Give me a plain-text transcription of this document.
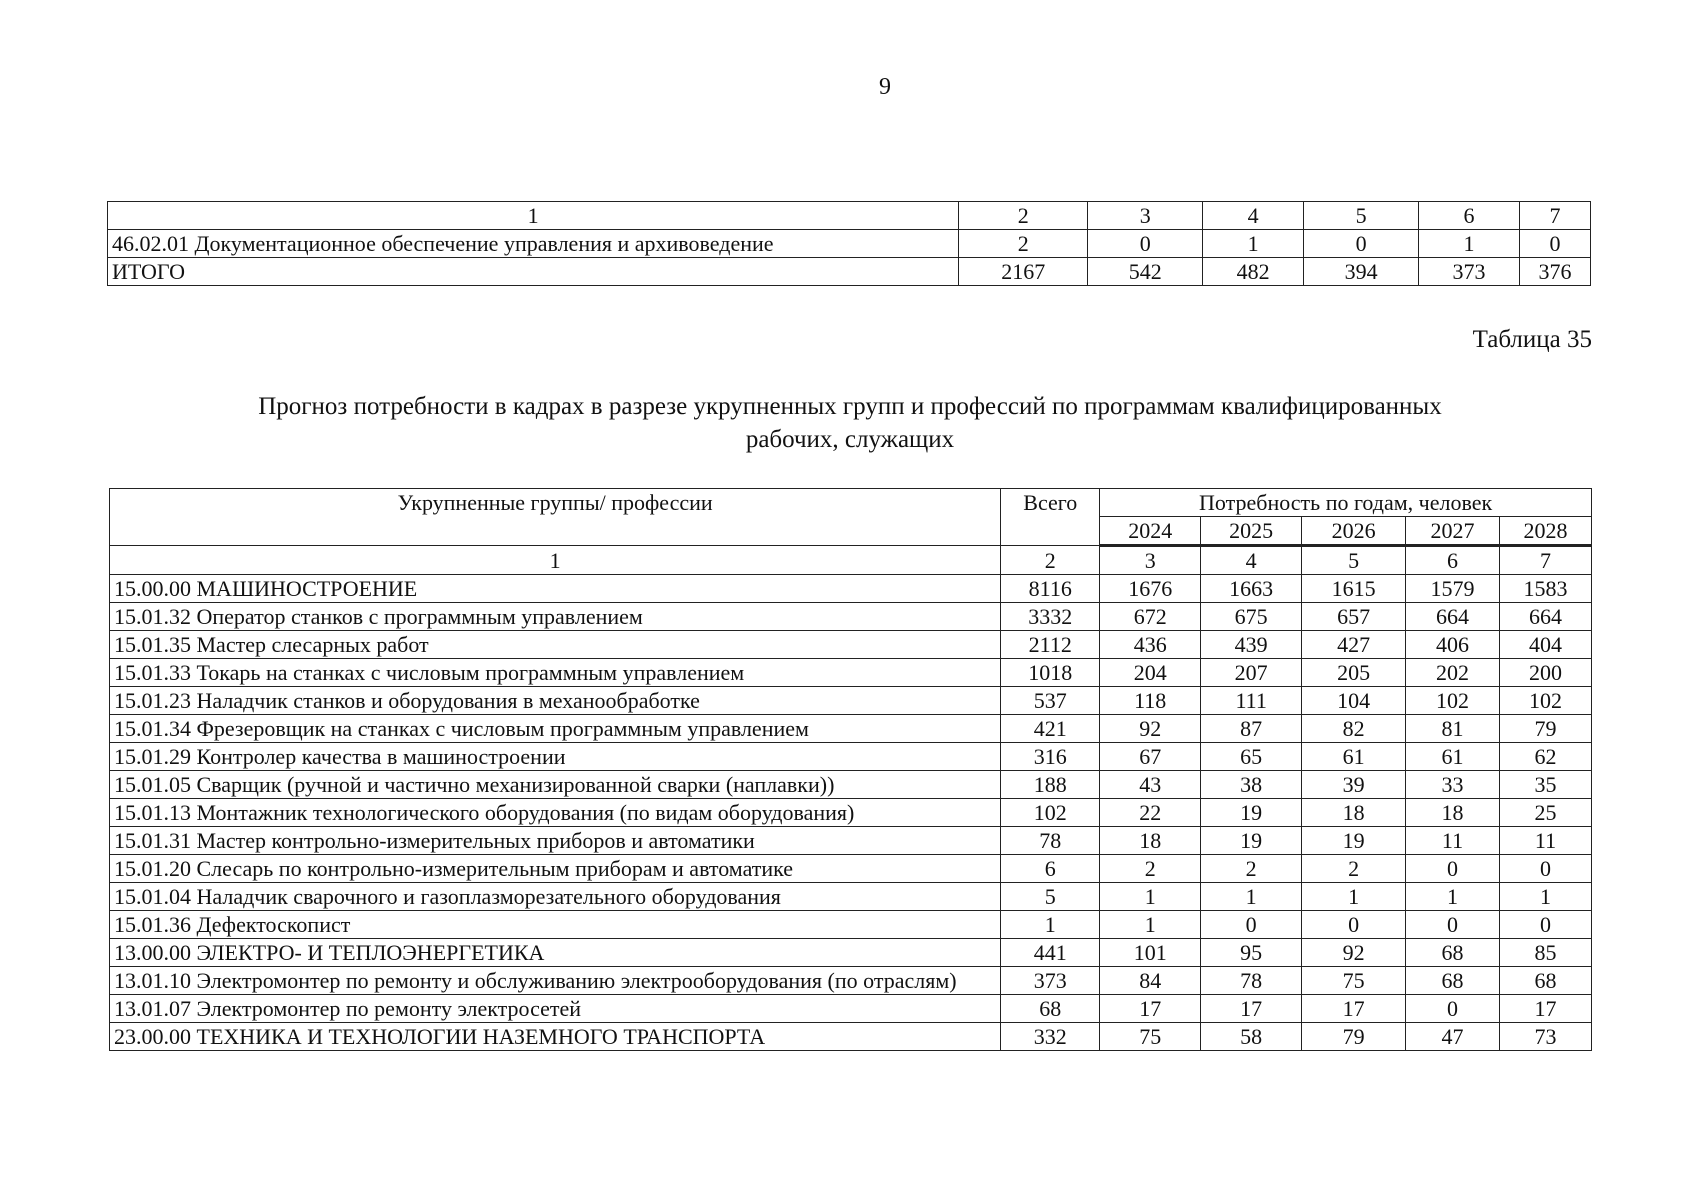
9
1	2	3	4	5	6	7
46.02.01 Документационное обеспечение управления и архивоведение	2	0	1	0	1	0
ИТОГО	2167	542	482	394	373	376
Таблица 35
Прогноз потребности в кадрах в разрезе укрупненных групп и профессий по программам квалифицированных
рабочих, служащих
Укрупненные группы/ профессии	Всего	Потребность по годам, человек				
		2024	2025	2026	2027	2028
1	2	3	4	5	6	7
15.00.00 МАШИНОСТРОЕНИЕ	8116	1676	1663	1615	1579	1583
15.01.32 Оператор станков с программным управлением	3332	672	675	657	664	664
15.01.35 Мастер слесарных работ	2112	436	439	427	406	404
15.01.33 Токарь на станках с числовым программным управлением	1018	204	207	205	202	200
15.01.23 Наладчик станков и оборудования в механообработке	537	118	111	104	102	102
15.01.34 Фрезеровщик на станках с числовым программным управлением	421	92	87	82	81	79
15.01.29 Контролер качества в машиностроении	316	67	65	61	61	62
15.01.05 Сварщик (ручной и частично механизированной сварки (наплавки))	188	43	38	39	33	35
15.01.13 Монтажник технологического оборудования (по видам оборудования)	102	22	19	18	18	25
15.01.31 Мастер контрольно-измерительных приборов и автоматики	78	18	19	19	11	11
15.01.20 Слесарь по контрольно-измерительным приборам и автоматике	6	2	2	2	0	0
15.01.04 Наладчик сварочного и газоплазморезательного оборудования	5	1	1	1	1	1
15.01.36 Дефектоскопист	1	1	0	0	0	0
13.00.00 ЭЛЕКТРО- И ТЕПЛОЭНЕРГЕТИКА	441	101	95	92	68	85
13.01.10 Электромонтер по ремонту и обслуживанию электрооборудования (по отраслям)	373	84	78	75	68	68
13.01.07 Электромонтер по ремонту электросетей	68	17	17	17	0	17
23.00.00 ТЕХНИКА И ТЕХНОЛОГИИ НАЗЕМНОГО ТРАНСПОРТА	332	75	58	79	47	73
